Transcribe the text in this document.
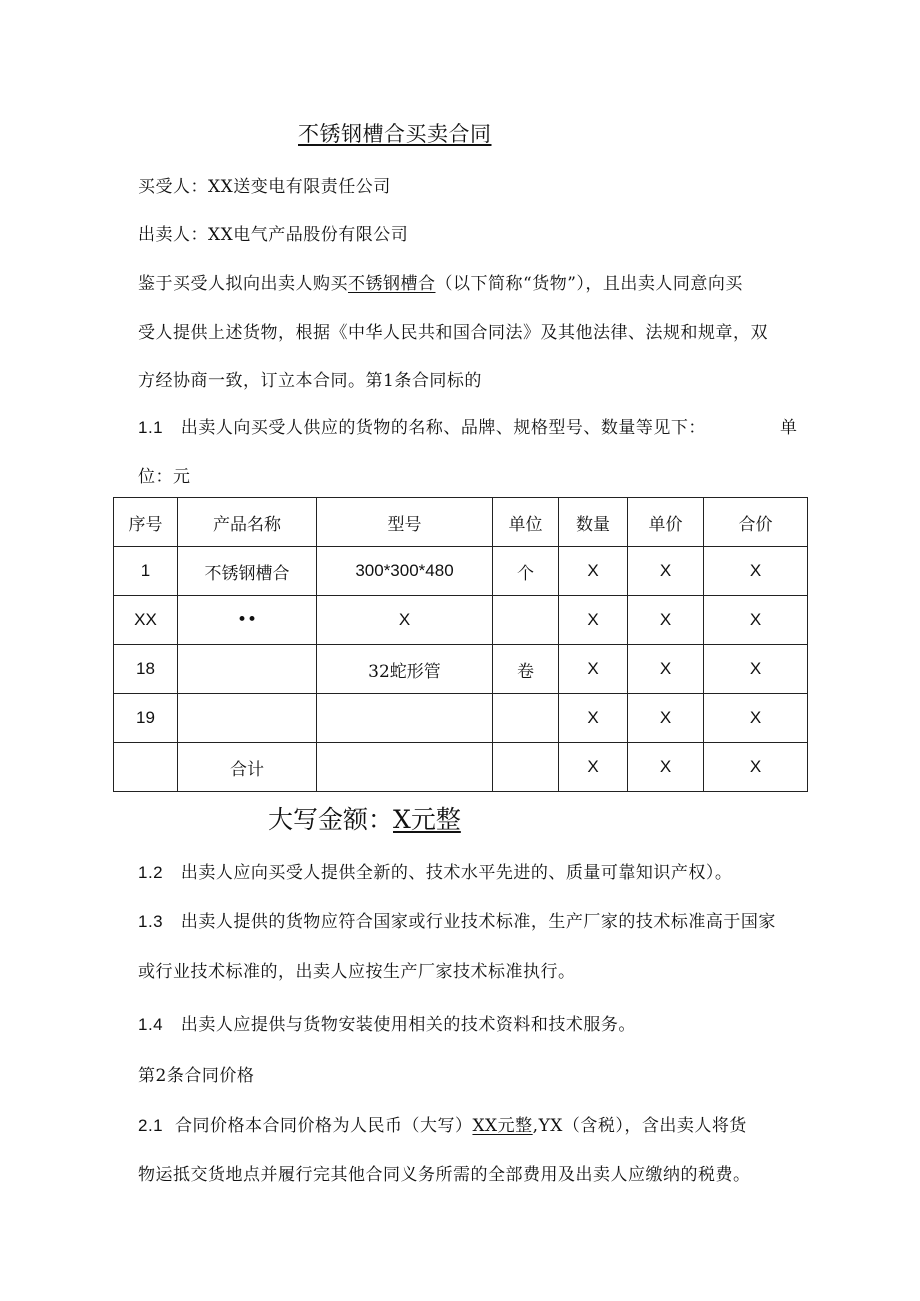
不锈钢槽合买卖合同
买受人：XX送变电有限责任公司
出卖人：XX电气产品股份有限公司
鉴于买受人拟向出卖人购买不锈钢槽合（以下简称“货物”），且出卖人同意向买
受人提供上述货物，根据《中华人民共和国合同法》及其他法律、法规和规章，双
方经协商一致，订立本合同。第1条合同标的
1.1 出卖人向买受人供应的货物的名称、品牌、规格型号、数量等见下：	单
位：元
序号	产品名称	型号	单位	数量	单价	合价
1	不锈钢槽合	300*300*480	个	X	X	X
XX	••	X		X	X	X
18		32蛇形管	卷	X	X	X
19				X	X	X
	合计			X	X	X
大写金额：X元整
1.2 出卖人应向买受人提供全新的、技术水平先进的、质量可靠知识产权）。
1.3 出卖人提供的货物应符合国家或行业技术标准，生产厂家的技术标准高于国家
或行业技术标准的，出卖人应按生产厂家技术标准执行。
1.4 出卖人应提供与货物安装使用相关的技术资料和技术服务。
第2条合同价格
2.1 合同价格本合同价格为人民币（大写）XX元整,YX（含税），含出卖人将货
物运抵交货地点并履行完其他合同义务所需的全部费用及出卖人应缴纳的税费。
